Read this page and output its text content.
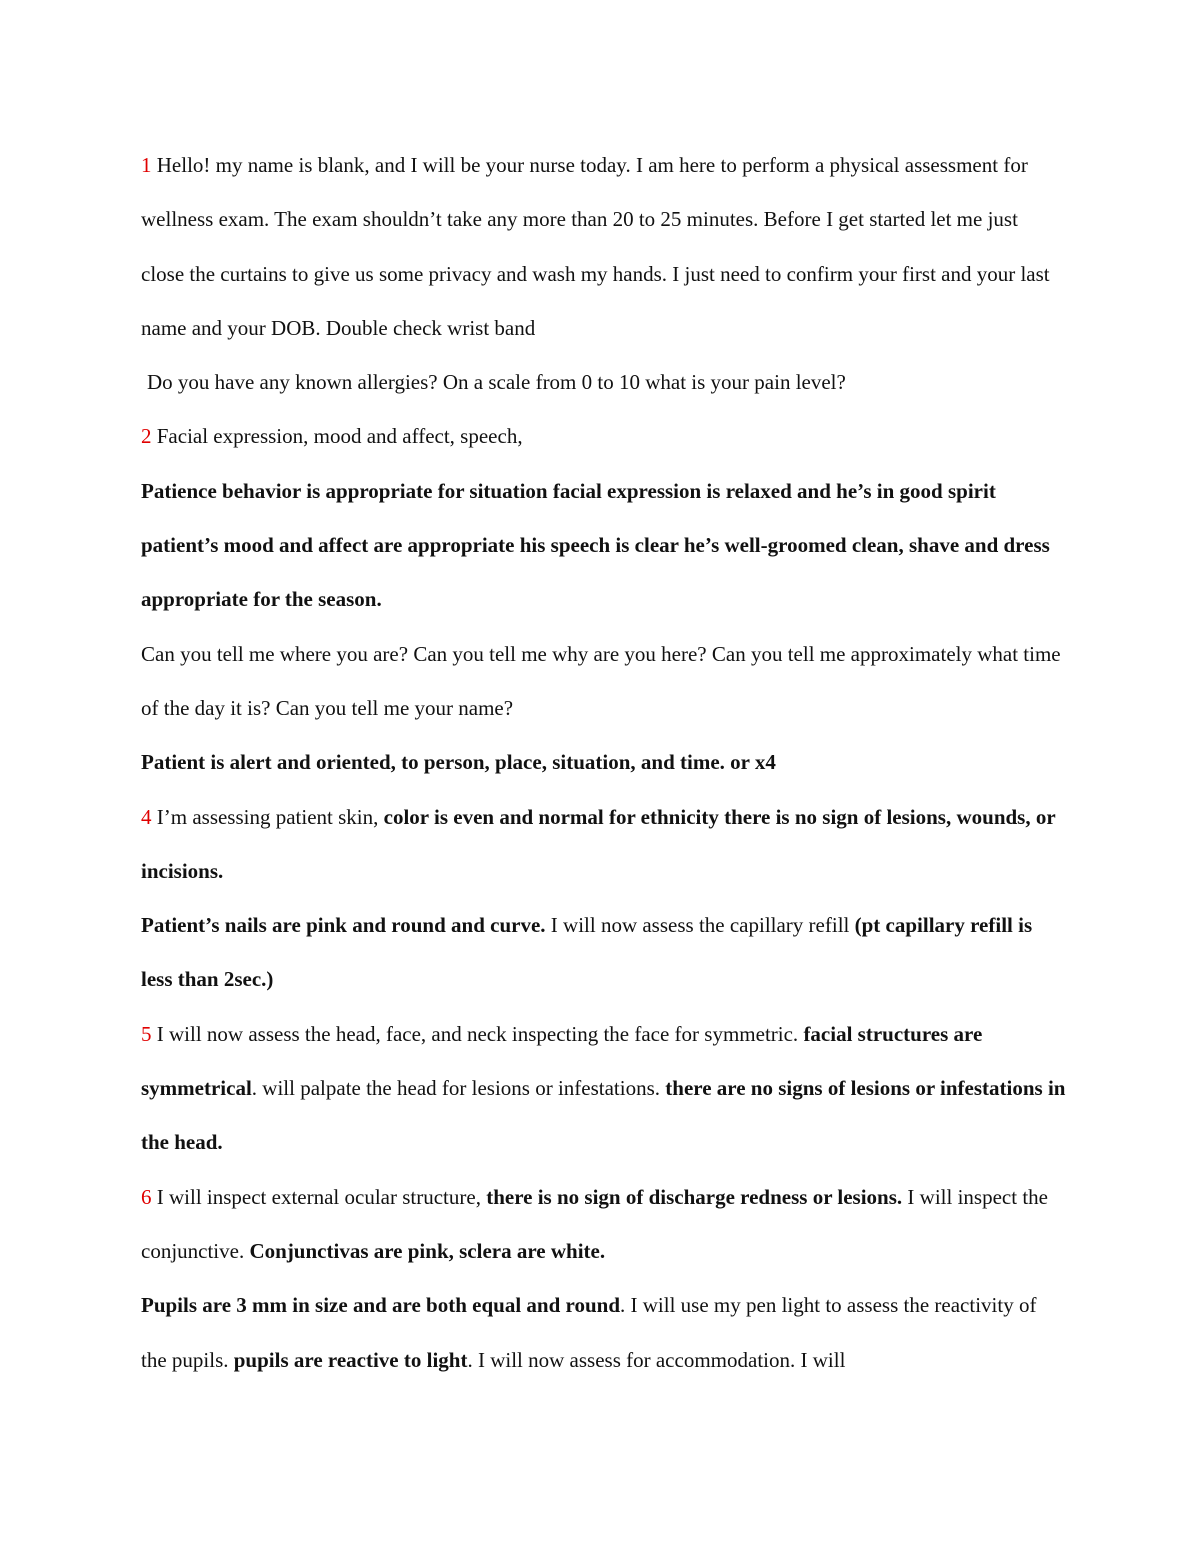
1 Hello! my name is blank, and I will be your nurse today. I am here to perform a physical assessment for wellness exam. The exam shouldn’t take any more than 20 to 25 minutes. Before I get started let me just close the curtains to give us some privacy and wash my hands. I just need to confirm your first and your last name and your DOB. Double check wrist band

Do you have any known allergies? On a scale from 0 to 10 what is your pain level?

2 Facial expression, mood and affect, speech,

Patience behavior is appropriate for situation facial expression is relaxed and he’s in good spirit patient’s mood and affect are appropriate his speech is clear he’s well-groomed clean, shave and dress appropriate for the season.

Can you tell me where you are? Can you tell me why are you here? Can you tell me approximately what time of the day it is? Can you tell me your name?

Patient is alert and oriented, to person, place, situation, and time. or x4

4 I’m assessing patient skin, color is even and normal for ethnicity there is no sign of lesions, wounds, or incisions.

Patient’s nails are pink and round and curve. I will now assess the capillary refill (pt capillary refill is less than 2sec.)

5 I will now assess the head, face, and neck inspecting the face for symmetric. facial structures are symmetrical. will palpate the head for lesions or infestations. there are no signs of lesions or infestations in the head.

6 I will inspect external ocular structure, there is no sign of discharge redness or lesions. I will inspect the conjunctive. Conjunctivas are pink, sclera are white.

Pupils are 3 mm in size and are both equal and round. I will use my pen light to assess the reactivity of the pupils. pupils are reactive to light. I will now assess for accommodation. I will
